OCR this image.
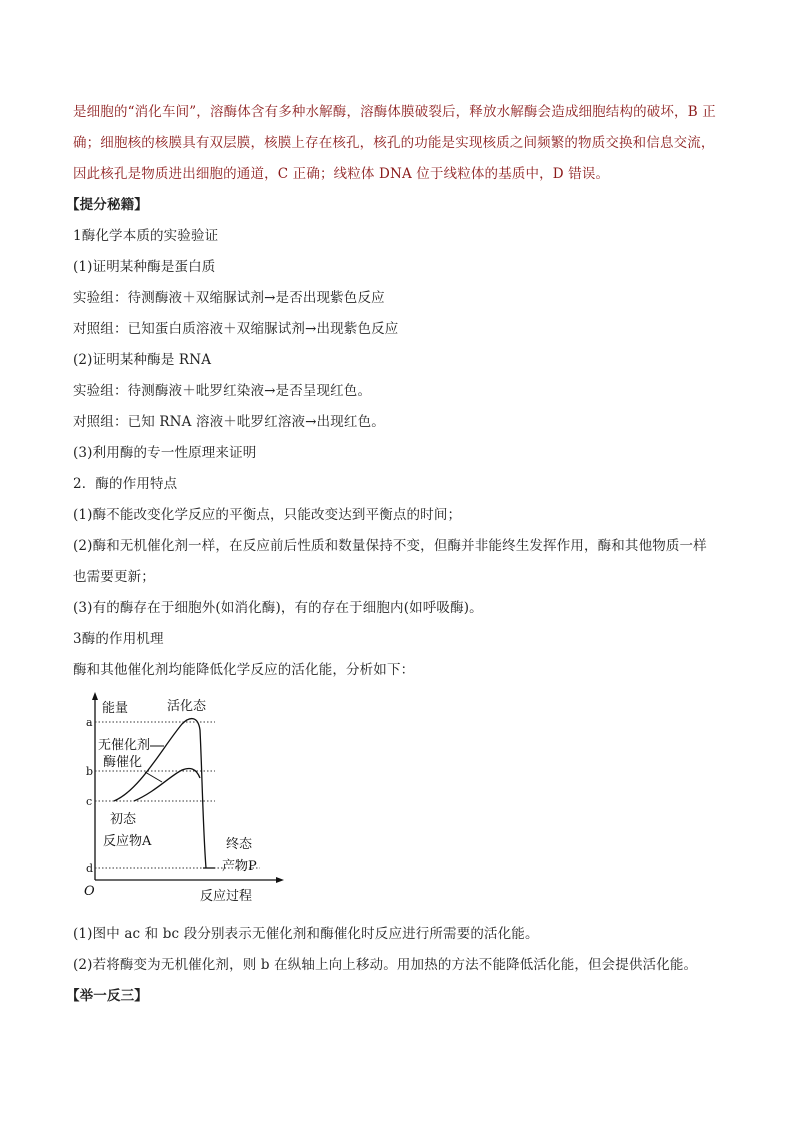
是细胞的“消化车间”，溶酶体含有多种水解酶，溶酶体膜破裂后，释放水解酶会造成细胞结构的破坏，B 正
确；细胞核的核膜具有双层膜，核膜上存在核孔，核孔的功能是实现核质之间频繁的物质交换和信息交流，
因此核孔是物质进出细胞的通道，C 正确；线粒体 DNA 位于线粒体的基质中，D 错误。
【提分秘籍】
1酶化学本质的实验验证
(1)证明某种酶是蛋白质
实验组：待测酶液＋双缩脲试剂→是否出现紫色反应
对照组：已知蛋白质溶液＋双缩脲试剂→出现紫色反应
(2)证明某种酶是 RNA
实验组：待测酶液＋吡罗红染液→是否呈现红色。
对照组：已知 RNA 溶液＋吡罗红溶液→出现红色。
(3)利用酶的专一性原理来证明
2．酶的作用特点
(1)酶不能改变化学反应的平衡点，只能改变达到平衡点的时间；
(2)酶和无机催化剂一样，在反应前后性质和数量保持不变，但酶并非能终生发挥作用，酶和其他物质一样
也需要更新；
(3)有的酶存在于细胞外(如消化酶)，有的存在于细胞内(如呼吸酶)。
3酶的作用机理
酶和其他催化剂均能降低化学反应的活化能，分析如下：
a
b
c
d
O
能量	活化态
无催化剂
酶催化
初态
反应物A	终态
产物P
反应过程
(1)图中 ac 和 bc 段分别表示无催化剂和酶催化时反应进行所需要的活化能。
(2)若将酶变为无机催化剂，则 b 在纵轴上向上移动。用加热的方法不能降低活化能，但会提供活化能。
【举一反三】
